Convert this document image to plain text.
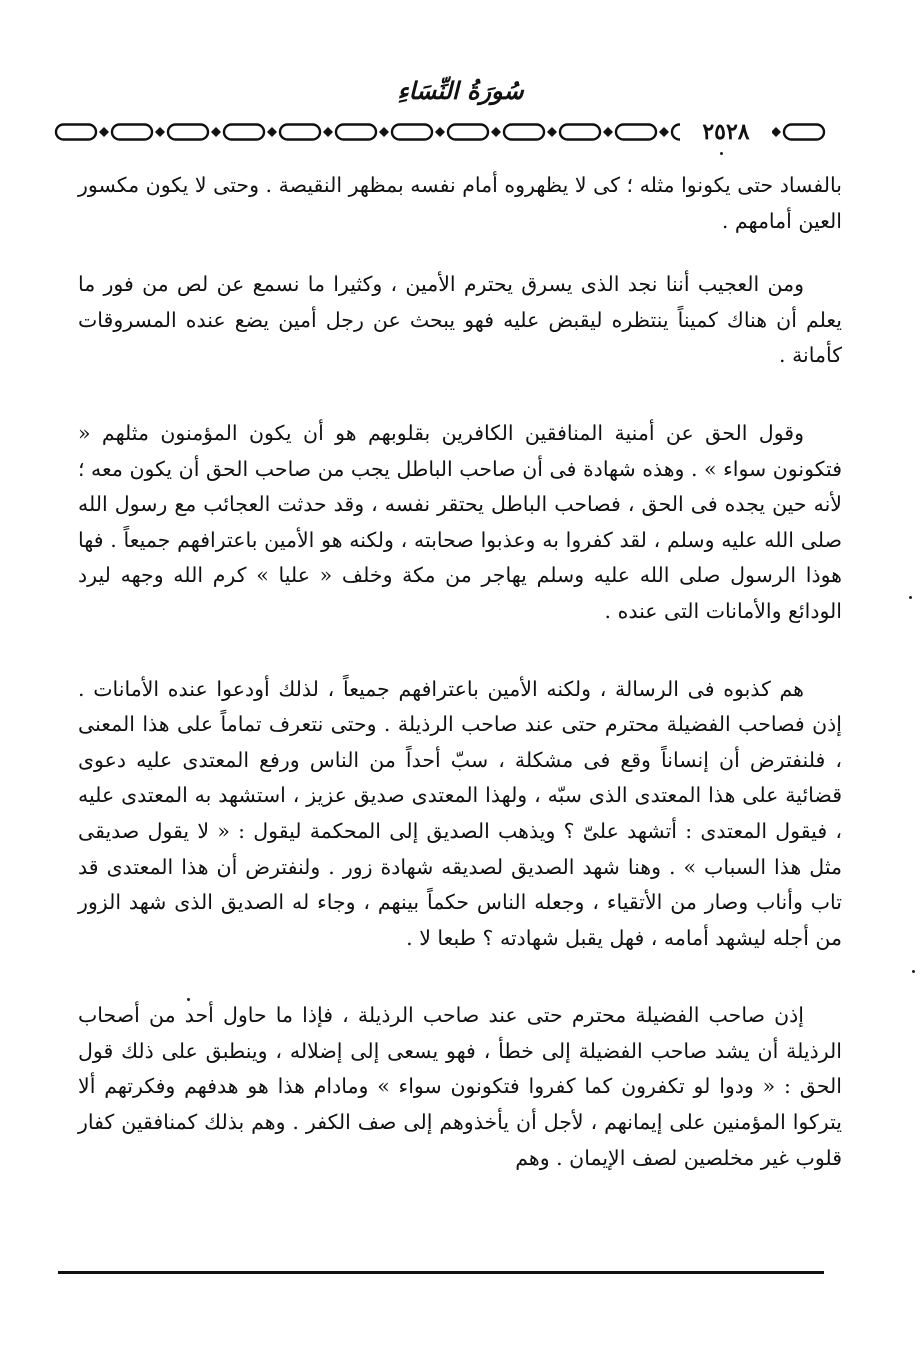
سُورَةُ النِّسَاءِ
٢٥٢٨

بالفساد حتى يكونوا مثله ؛ كى لا يظهروه أمام نفسه بمظهر النقيصة . وحتى لا يكون مكسور العين أمامهم .

ومن العجيب أننا نجد الذى يسرق يحترم الأمين ، وكثيرا ما نسمع عن لص من فور ما يعلم أن هناك كميناً ينتظره ليقبض عليه فهو يبحث عن رجل أمين يضع عنده المسروقات كأمانة .

وقول الحق عن أمنية المنافقين الكافرين بقلوبهم هو أن يكون المؤمنون مثلهم « فتكونون سواء » . وهذه شهادة فى أن صاحب الباطل يجب من صاحب الحق أن يكون معه ؛لأنه حين يجده فى الحق ، فصاحب الباطل يحتقر نفسه ، وقد حدثت العجائب مع رسول الله صلى الله عليه وسلم ، لقد كفروا به وعذبوا صحابته ، ولكنه هو الأمين باعترافهم جميعاً . فها هوذا الرسول صلى الله عليه وسلم يهاجر من مكة وخلف « عليا » كرم الله وجهه ليرد الودائع والأمانات التى عنده .

هم كذبوه فى الرسالة ، ولكنه الأمين باعترافهم جميعاً ، لذلك أودعوا عنده الأمانات . إذن فصاحب الفضيلة محترم حتى عند صاحب الرذيلة . وحتى نتعرف تماماً على هذا المعنى ، فلنفترض أن إنساناً وقع فى مشكلة ، سبّ أحداً من الناس ورفع المعتدى عليه دعوى قضائية على هذا المعتدى الذى سبّه ، ولهذا المعتدى صديق عزيز ، استشهد به المعتدى عليه ، فيقول المعتدى : أتشهد علىّ ؟ ويذهب الصديق إلى المحكمة ليقول : « لا يقول صديقى مثل هذا السباب » . وهنا شهد الصديق لصديقه شهادة زور . ولنفترض أن هذا المعتدى قد تاب وأناب وصار من الأتقياء ، وجعله الناس حكماً بينهم ، وجاء له الصديق الذى شهد الزور من أجله ليشهد أمامه ، فهل يقبل شهادته ؟ طبعا لا .

إذن صاحب الفضيلة محترم حتى عند صاحب الرذيلة ، فإذا ما حاول أحد من أصحاب الرذيلة أن يشد صاحب الفضيلة إلى خطأ ، فهو يسعى إلى إضلاله ، وينطبق على ذلك قول الحق : « ودوا لو تكفرون كما كفروا فتكونون سواء » ومادام هذا هو هدفهم وفكرتهم ألا يتركوا المؤمنين على إيمانهم ، لأجل أن يأخذوهم إلى صف الكفر . وهم بذلك كمنافقين كفار قلوب غير مخلصين لصف الإيمان . وهم
